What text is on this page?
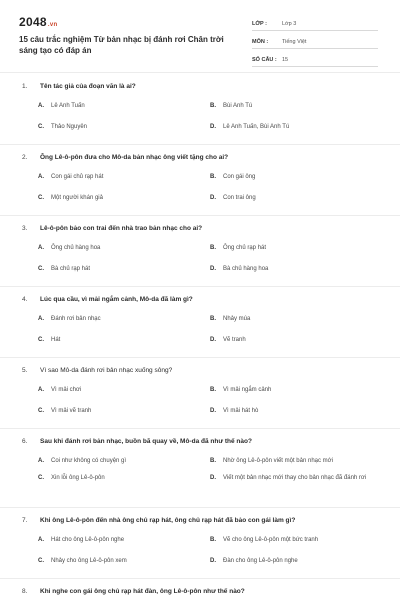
2048.vn
15 câu trắc nghiệm Từ bản nhạc bị đánh rơi Chân trời sáng tạo có đáp án
LỚP :	Lớp 3
MÔN :	Tiếng Việt
SỐ CÂU : 15
1.	Tên tác giả của đoạn văn là ai?
A.	Lê Anh Tuấn	B.	Bùi Anh Tú
C.	Thảo Nguyên	D.	Lê Anh Tuấn, Bùi Anh Tú
2.	Ông Lê-ô-pôn đưa cho Mô-da bản nhạc ông viết tặng cho ai?
A.	Con gái chủ rạp hát	B.	Con gái ông
C.	Một người khán giả	D.	Con trai ông
3.	Lê-ô-pôn bảo con trai đến nhà trao bản nhạc cho ai?
A.	Ông chủ hàng hoa	B.	Ông chủ rạp hát
C.	Bà chủ rạp hát	D.	Bà chủ hàng hoa
4.	Lúc qua cầu, vì mải ngắm cảnh, Mô-da đã làm gì?
A.	Đánh rơi bản nhạc	B.	Nhảy múa
C.	Hát	D.	Vẽ tranh
5.	Vì sao Mô-da đánh rơi bản nhạc xuống sông?
A.	Vì mải chơi	B.	Vì mải ngắm cảnh
C.	Vì mải vẽ tranh	D.	Vì mải hát hò
6.	Sau khi đánh rơi bản nhạc, buồn bã quay về, Mô-da đã như thế nào?
A.	Coi như không có chuyện gì	B.	Nhờ ông Lê-ô-pôn viết một bản nhạc mới
C.	Xin lỗi ông Lê-ô-pôn	D.	Viết một bản nhạc mới thay cho bản nhạc đã đánh rơi
7.	Khi ông Lê-ô-pôn đến nhà ông chủ rạp hát, ông chủ rạp hát đã bảo con gái làm gì?
A.	Hát cho ông Lê-ô-pôn nghe	B.	Vẽ cho ông Lê-ô-pôn một bức tranh
C.	Nhảy cho ông Lê-ô-pôn xem	D.	Đàn cho ông Lê-ô-pôn nghe
8.	Khi nghe con gái ông chủ rạp hát đàn, ông Lê-ô-pôn như thế nào?
